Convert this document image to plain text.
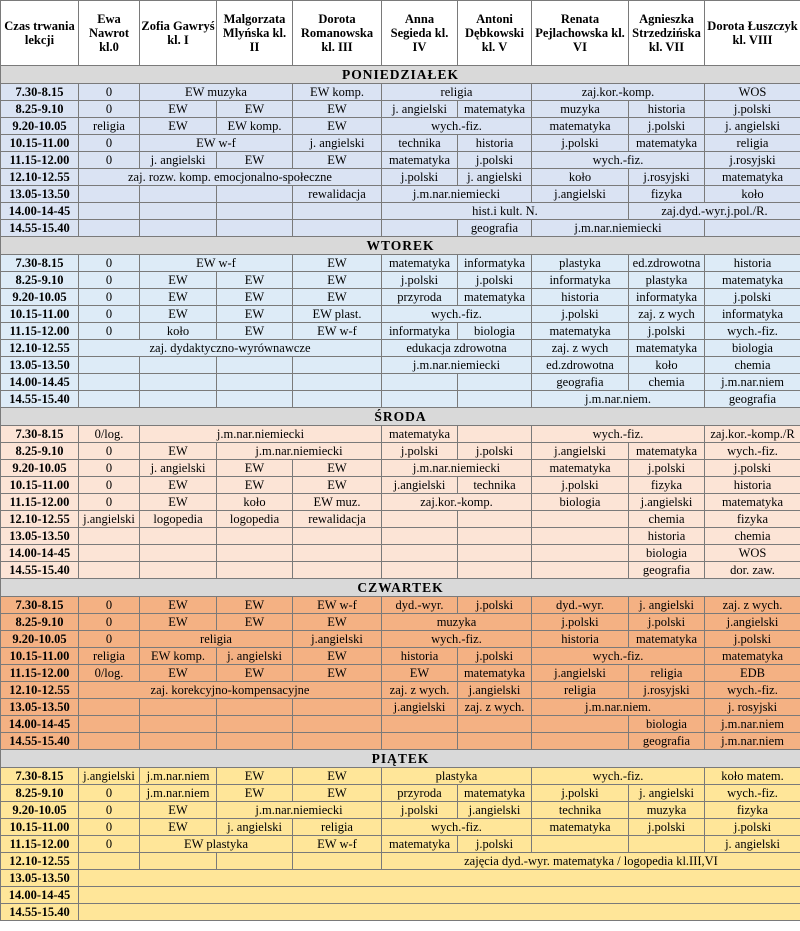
Czas trwania lekcji	Ewa Nawrot kl.0	Zofia Gawryś kl. I	Malgorzata Mlyńska kl. II	Dorota Romanowska kl. III	Anna Segieda kl. IV	Antoni Dębkowski kl. V	Renata Pejlachowska kl. VI	Agnieszka Strzedzińska kl. VII	Dorota Łuszczyk kl. VIII
PONIEDZIAŁEK									
7.30-8.15	0	EW muzyka		EW komp.	religia		zaj.kor.-komp.		WOS
8.25-9.10	0	EW	EW	EW	j. angielski	matematyka	muzyka	historia	j.polski
9.20-10.05	religia	EW	EW komp.	EW	wych.-fiz.		matematyka	j.polski	j. angielski
10.15-11.00	0	EW w-f		j. angielski	technika	historia	j.polski	matematyka	religia
11.15-12.00	0	j. angielski	EW	EW	matematyka	j.polski	wych.-fiz.		j.rosyjski
12.10-12.55	zaj. rozw. komp. emocjonalno-społeczne				j.polski	j. angielski	koło	j.rosyjski	matematyka
13.05-13.50				rewalidacja	j.m.nar.niemiecki		j.angielski	fizyka	koło
14.00-14-45					hist.i kult. N.			zaj.dyd.-wyr.j.pol./R.	
14.55-15.40						geografia	j.m.nar.niemiecki		
WTOREK									
7.30-8.15	0	EW w-f		EW	matematyka	informatyka	plastyka	ed.zdrowotna	historia
8.25-9.10	0	EW	EW	EW	j.polski	j.polski	informatyka	plastyka	matematyka
9.20-10.05	0	EW	EW	EW	przyroda	matematyka	historia	informatyka	j.polski
10.15-11.00	0	EW	EW	EW plast.	wych.-fiz.		j.polski	zaj. z wych	informatyka
11.15-12.00	0	koło	EW	EW w-f	informatyka	biologia	matematyka	j.polski	wych.-fiz.
12.10-12.55	zaj. dydaktyczno-wyrównawcze				edukacja zdrowotna		zaj. z wych	matematyka	biologia
13.05-13.50					j.m.nar.niemiecki		ed.zdrowotna	koło	chemia
14.00-14.45							geografia	chemia	j.m.nar.niem
14.55-15.40							j.m.nar.niem.		geografia
ŚRODA									
7.30-8.15	0/log.	j.m.nar.niemiecki			matematyka		wych.-fiz.		zaj.kor.-komp./R
8.25-9.10	0	EW	j.m.nar.niemiecki		j.polski	j.polski	j.angielski	matematyka	wych.-fiz.
9.20-10.05	0	j. angielski	EW	EW	j.m.nar.niemiecki		matematyka	j.polski	j.polski
10.15-11.00	0	EW	EW	EW	j.angielski	technika	j.polski	fizyka	historia
11.15-12.00	0	EW	koło	EW muz.	zaj.kor.-komp.		biologia	j.angielski	matematyka
12.10-12.55	j.angielski	logopedia	logopedia	rewalidacja				chemia	fizyka
13.05-13.50								historia	chemia
14.00-14-45								biologia	WOS
14.55-15.40								geografia	dor. zaw.
CZWARTEK									
7.30-8.15	0	EW	EW	EW w-f	dyd.-wyr.	j.polski	dyd.-wyr.	j. angielski	zaj. z wych.
8.25-9.10	0	EW	EW	EW	muzyka		j.polski	j.polski	j.angielski
9.20-10.05	0	religia		j.angielski	wych.-fiz.		historia	matematyka	j.polski
10.15-11.00	religia	EW komp.	j. angielski	EW	historia	j.polski	wych.-fiz.		matematyka
11.15-12.00	0/log.	EW	EW	EW	EW	matematyka	j.angielski	religia	EDB
12.10-12.55	zaj. korekcyjno-kompensacyjne				zaj. z wych.	j.angielski	religia	j.rosyjski	wych.-fiz.
13.05-13.50					j.angielski	zaj. z wych.	j.m.nar.niem.		j. rosyjski
14.00-14-45								biologia	j.m.nar.niem
14.55-15.40								geografia	j.m.nar.niem
PIĄTEK									
7.30-8.15	j.angielski	j.m.nar.niem	EW	EW	plastyka		wych.-fiz.		koło matem.
8.25-9.10	0	j.m.nar.niem	EW	EW	przyroda	matematyka	j.polski	j. angielski	wych.-fiz.
9.20-10.05	0	EW	j.m.nar.niemiecki		j.polski	j.angielski	technika	muzyka	fizyka
10.15-11.00	0	EW	j. angielski	religia	wych.-fiz.		matematyka	j.polski	j.polski
11.15-12.00	0	EW plastyka		EW w-f	matematyka	j.polski			j. angielski
12.10-12.55					zajęcia dyd.-wyr. matematyka / logopedia kl.III,VI				
13.05-13.50									
14.00-14-45									
14.55-15.40									
